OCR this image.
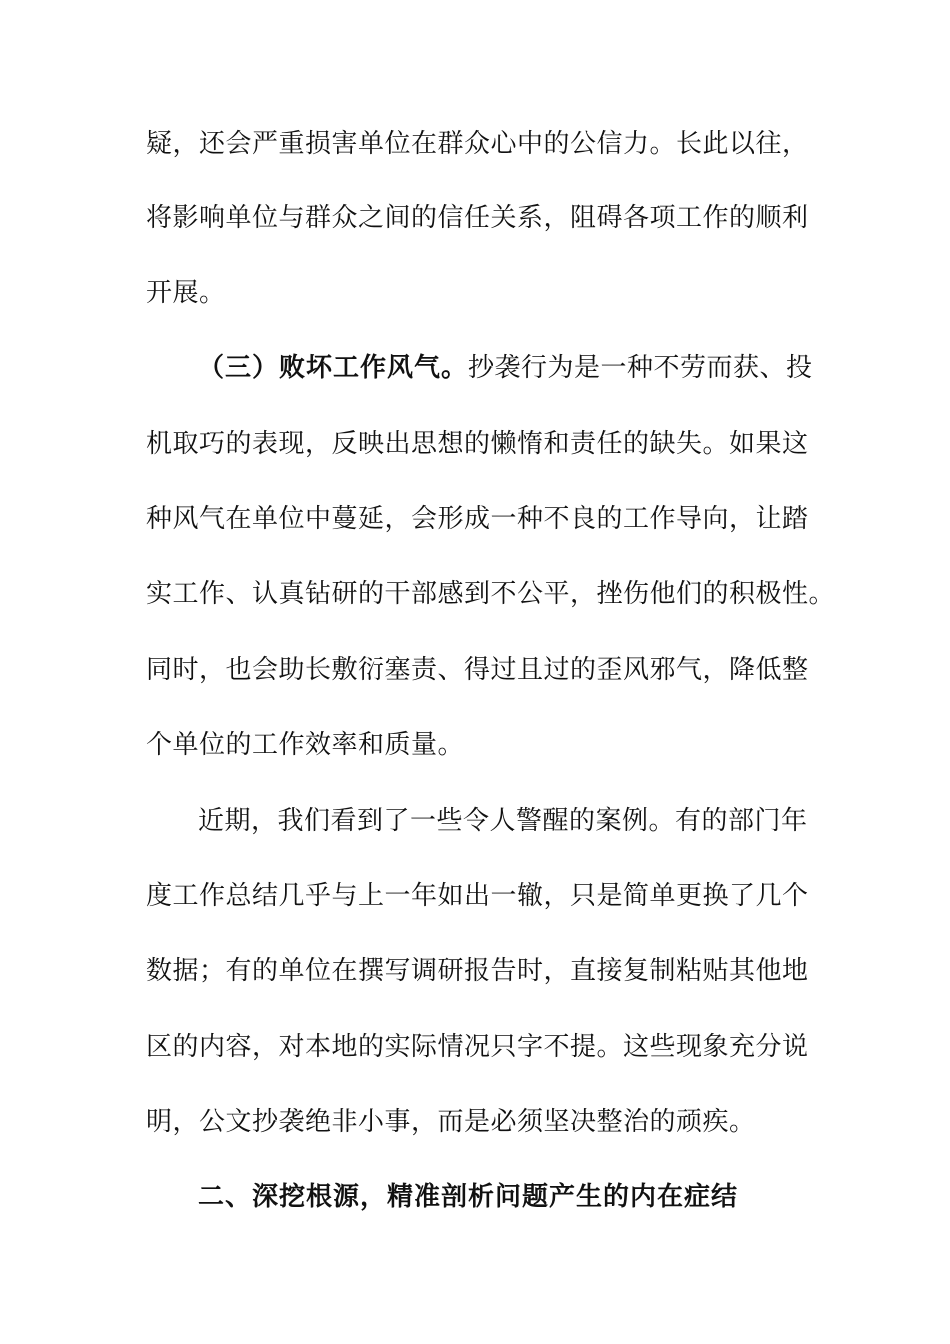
疑，还会严重损害单位在群众心中的公信力。长此以往，
将影响单位与群众之间的信任关系，阻碍各项工作的顺利
开展。
（三）败坏工作风气。抄袭行为是一种不劳而获、投
机取巧的表现，反映出思想的懒惰和责任的缺失。如果这
种风气在单位中蔓延，会形成一种不良的工作导向，让踏
实工作、认真钻研的干部感到不公平，挫伤他们的积极性。
同时，也会助长敷衍塞责、得过且过的歪风邪气，降低整
个单位的工作效率和质量。
近期，我们看到了一些令人警醒的案例。有的部门年
度工作总结几乎与上一年如出一辙，只是简单更换了几个
数据；有的单位在撰写调研报告时，直接复制粘贴其他地
区的内容，对本地的实际情况只字不提。这些现象充分说
明，公文抄袭绝非小事，而是必须坚决整治的顽疾。
二、深挖根源，精准剖析问题产生的内在症结
